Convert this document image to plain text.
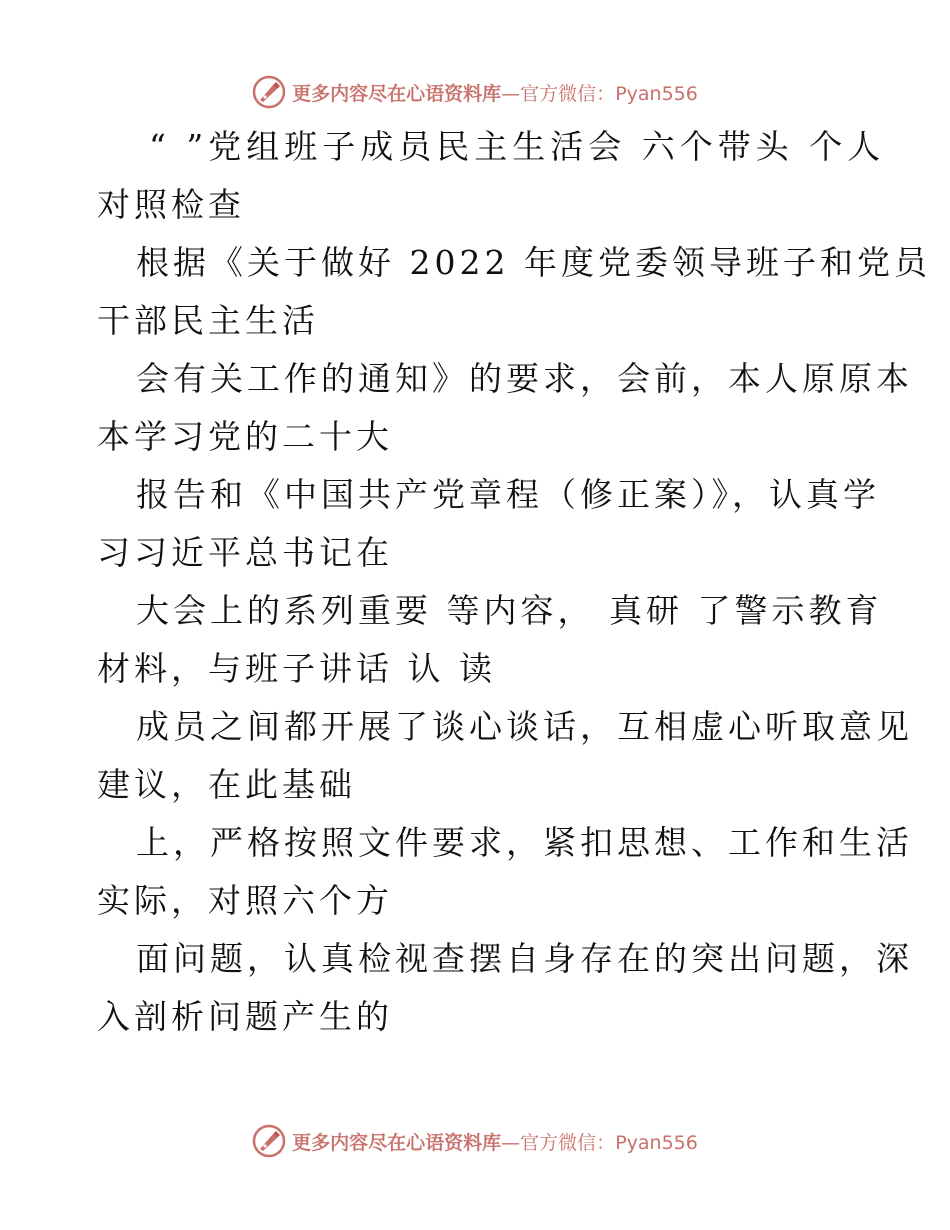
更多内容尽在心语资料库—官方微信：Pyan556
“ ”党组班子成员民主生活会 六个带头 个人
对照检查
根据《关于做好 2022 年度党委领导班子和党员
干部民主生活
会有关工作的通知》的要求，会前，本人原原本
本学习党的二十大
报告和《中国共产党章程（修正案）》，认真学
习习近平总书记在
大会上的系列重要 等内容， 真研 了警示教育
材料，与班子讲话 认 读
成员之间都开展了谈心谈话，互相虚心听取意见
建议，在此基础
上，严格按照文件要求，紧扣思想、工作和生活
实际，对照六个方
面问题，认真检视查摆自身存在的突出问题，深
入剖析问题产生的
更多内容尽在心语资料库—官方微信：Pyan556
